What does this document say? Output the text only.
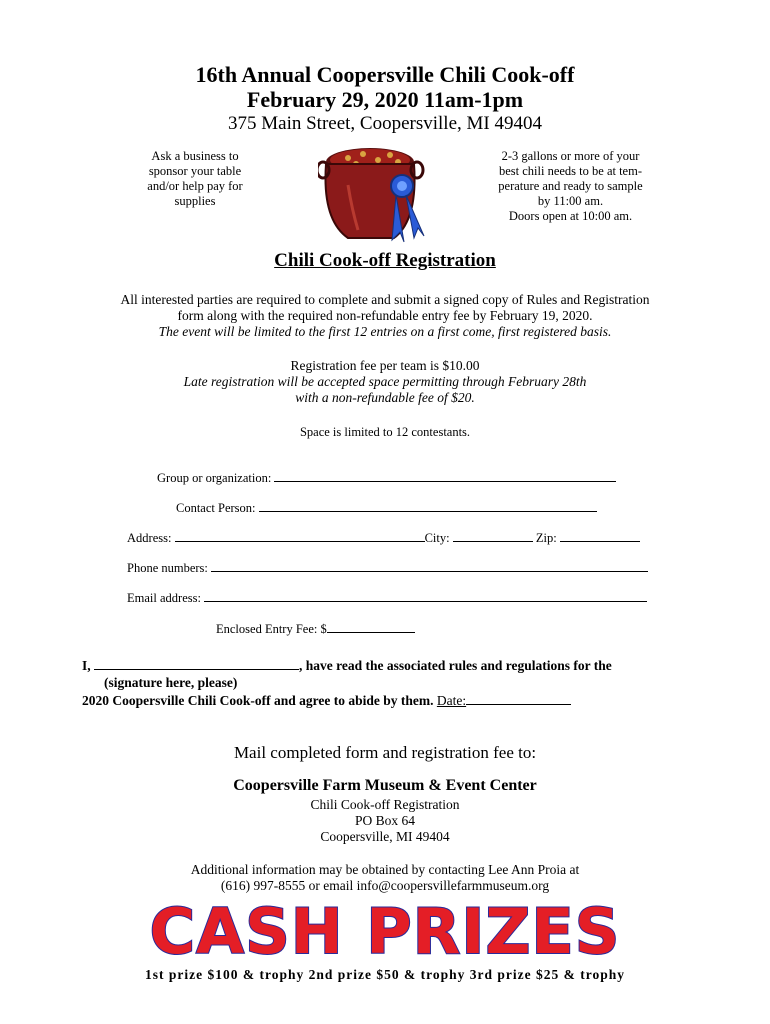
16th Annual Coopersville Chili Cook-off
February 29, 2020 11am-1pm
375 Main Street, Coopersville, MI 49404
Ask a business to
sponsor your table
and/or help pay for
supplies
2-3 gallons or more of your
best chili needs to be at tem-
perature and ready to sample
by 11:00 am.
Doors open at 10:00 am.
Chili Cook-off Registration
All interested parties are required to complete and submit a signed copy of Rules and Registration
form along with the required non-refundable entry fee by February 19, 2020.
The event will be limited to the first 12 entries on a first come, first registered basis.
Registration fee per team is $10.00
Late registration will be accepted space permitting through February 28th
with a non-refundable fee of $20.
Space is limited to 12 contestants.
Group or organization:
Contact Person:
Address:	City:	Zip:
Phone numbers:
Email address:
Enclosed Entry Fee: $
I,	, have read the associated rules and regulations for the
(signature here, please)
2020 Coopersville Chili Cook-off and agree to abide by them. Date:
Mail completed form and registration fee to:
Coopersville Farm Museum & Event Center
Chili Cook-off Registration
PO Box 64
Coopersville, MI 49404
Additional information may be obtained by contacting Lee Ann Proia at
(616) 997-8555 or email info@coopersvillefarmmuseum.org
CASH PRIZES
1st prize $100 & trophy 2nd prize $50 & trophy 3rd prize $25 & trophy
